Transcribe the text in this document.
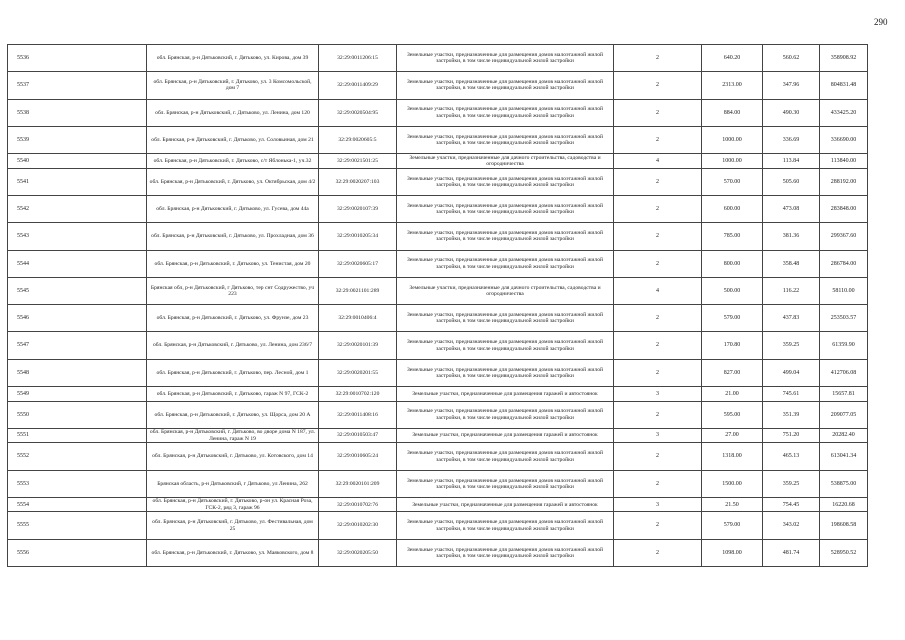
290
5536	обл. Брянская, р-н Дятьковский, г. Дятьково, ул. Кирова, дом 39	32:29:0011206:15	Земельные участки, предназначенные для размещения домов малоэтажной жилой застройки, в том числе индивидуальной жилой застройки	2	640.20	560.62	358908.92
5537	обл. Брянская, р-н Дятьковский, г. Дятьково, ул. 3 Комсомольской, дом 7	32:29:0011409:29	Земельные участки, предназначенные для размещения домов малоэтажной жилой застройки, в том числе индивидуальной жилой застройки	2	2313.00	347.96	804831.48
5538	обл. Брянская, р-н Дятьковский, г. Дятьково, ул. Ленина, дом 120	32:29:0020504:95	Земельные участки, предназначенные для размещения домов малоэтажной жилой застройки, в том числе индивидуальной жилой застройки	2	884.00	490.30	433425.20
5539	обл. Брянская, р-н Дятьковский, г. Дятьково, ул. Соловьиная, дом 21	32:29:0020605:5	Земельные участки, предназначенные для размещения домов малоэтажной жилой застройки, в том числе индивидуальной жилой застройки	2	1000.00	336.69	336690.00
5540	обл. Брянская, р-н Дятьковский, г. Дятьково, с/т Яблонька-1, уч.32	32:29:0021501:25	Земельные участки, предназначенные для дачного строительства, садоводства и огородничества	4	1000.00	113.84	113840.00
5541	обл. Брянская, р-н Дятьковский, г. Дятьково, ул. Октябрьская, дом 4/2	32:29:0020207:103	Земельные участки, предназначенные для размещения домов малоэтажной жилой застройки, в том числе индивидуальной жилой застройки	2	570.00	505.60	288192.00
5542	обл. Брянская, р-н Дятьковский, г. Дятьково, ул. Гусева, дом 44а	32:29:0020107:39	Земельные участки, предназначенные для размещения домов малоэтажной жилой застройки, в том числе индивидуальной жилой застройки	2	600.00	473.08	283848.00
5543	обл. Брянская, р-н Дятьковский, г. Дятьково, ул. Прохладная, дом 36	32:29:0010205:34	Земельные участки, предназначенные для размещения домов малоэтажной жилой застройки, в том числе индивидуальной жилой застройки	2	785.00	381.36	299367.60
5544	обл. Брянская, р-н Дятьковский, г. Дятьково, ул. Тенистая, дом 20	32:29:0020605:17	Земельные участки, предназначенные для размещения домов малоэтажной жилой застройки, в том числе индивидуальной жилой застройки	2	800.00	358.48	286784.00
5545	Брянская обл, р-н Дятьковский, г Дятьково, тер снт Содружество, уч 223	32:29:0021101:289	Земельные участки, предназначенные для дачного строительства, садоводства и огородничества	4	500.00	116.22	58110.00
5546	обл. Брянская, р-н Дятьковский, г. Дятьково, ул. Фрунзе, дом 23	32:29:0010406:4	Земельные участки, предназначенные для размещения домов малоэтажной жилой застройки, в том числе индивидуальной жилой застройки	2	579.00	437.83	253503.57
5547	обл. Брянская, р-н Дятьковский, г. Дятьково, ул. Ленина, дом 236/7	32:29:0020101:39	Земельные участки, предназначенные для размещения домов малоэтажной жилой застройки, в том числе индивидуальной жилой застройки	2	170.80	359.25	61359.90
5548	обл. Брянская, р-н Дятьковский, г. Дятьково, пер. Лесной, дом 1	32:29:0020201:55	Земельные участки, предназначенные для размещения домов малоэтажной жилой застройки, в том числе индивидуальной жилой застройки	2	827.00	499.04	412706.08
5549	обл. Брянская, р-н Дятьковский, г. Дятьково, гараж N 97, ГСК-2	32:29:0010702:120	Земельные участки, предназначенные для размещения гаражей и автостоянок	3	21.00	745.61	15657.81
5550	обл. Брянская, р-н Дятьковский, г. Дятьково, ул. Щорса, дом 20 А	32:29:0011408:16	Земельные участки, предназначенные для размещения домов малоэтажной жилой застройки, в том числе индивидуальной жилой застройки	2	595.00	351.39	209077.05
5551	обл. Брянская, р-н Дятьковский, г. Дятьково, во дворе дома N 187, ул. Ленина, гараж N 19	32:29:0010503:47	Земельные участки, предназначенные для размещения гаражей и автостоянок	3	27.00	751.20	20282.40
5552	обл. Брянская, р-н Дятьковский, г. Дятьково, ул. Котовского, дом 14	32:29:0010605:24	Земельные участки, предназначенные для размещения домов малоэтажной жилой застройки, в том числе индивидуальной жилой застройки	2	1318.00	465.13	613041.34
5553	Брянская область, р-н Дятьковский, г Дятьково, ул Ленина, 262	32:29:0020101:209	Земельные участки, предназначенные для размещения домов малоэтажной жилой застройки, в том числе индивидуальной жилой застройки	2	1500.00	359.25	538875.00
5554	обл. Брянская, р-н Дятьковский, г. Дятьково, р-он ул. Красная Роза, ГСК-2, ряд 3, гараж 96	32:29:0010702:76	Земельные участки, предназначенные для размещения гаражей и автостоянок	3	21.50	754.45	16220.68
5555	обл. Брянская, р-н Дятьковский, г. Дятьково, ул. Фестивальная, дом 25	32:29:0010202:30	Земельные участки, предназначенные для размещения домов малоэтажной жилой застройки, в том числе индивидуальной жилой застройки	2	579.00	343.02	198608.58
5556	обл. Брянская, р-н Дятьковский, г. Дятьково, ул. Маяковского, дом 8	32:29:0020205:50	Земельные участки, предназначенные для размещения домов малоэтажной жилой застройки, в том числе индивидуальной жилой застройки	2	1098.00	481.74	528950.52
